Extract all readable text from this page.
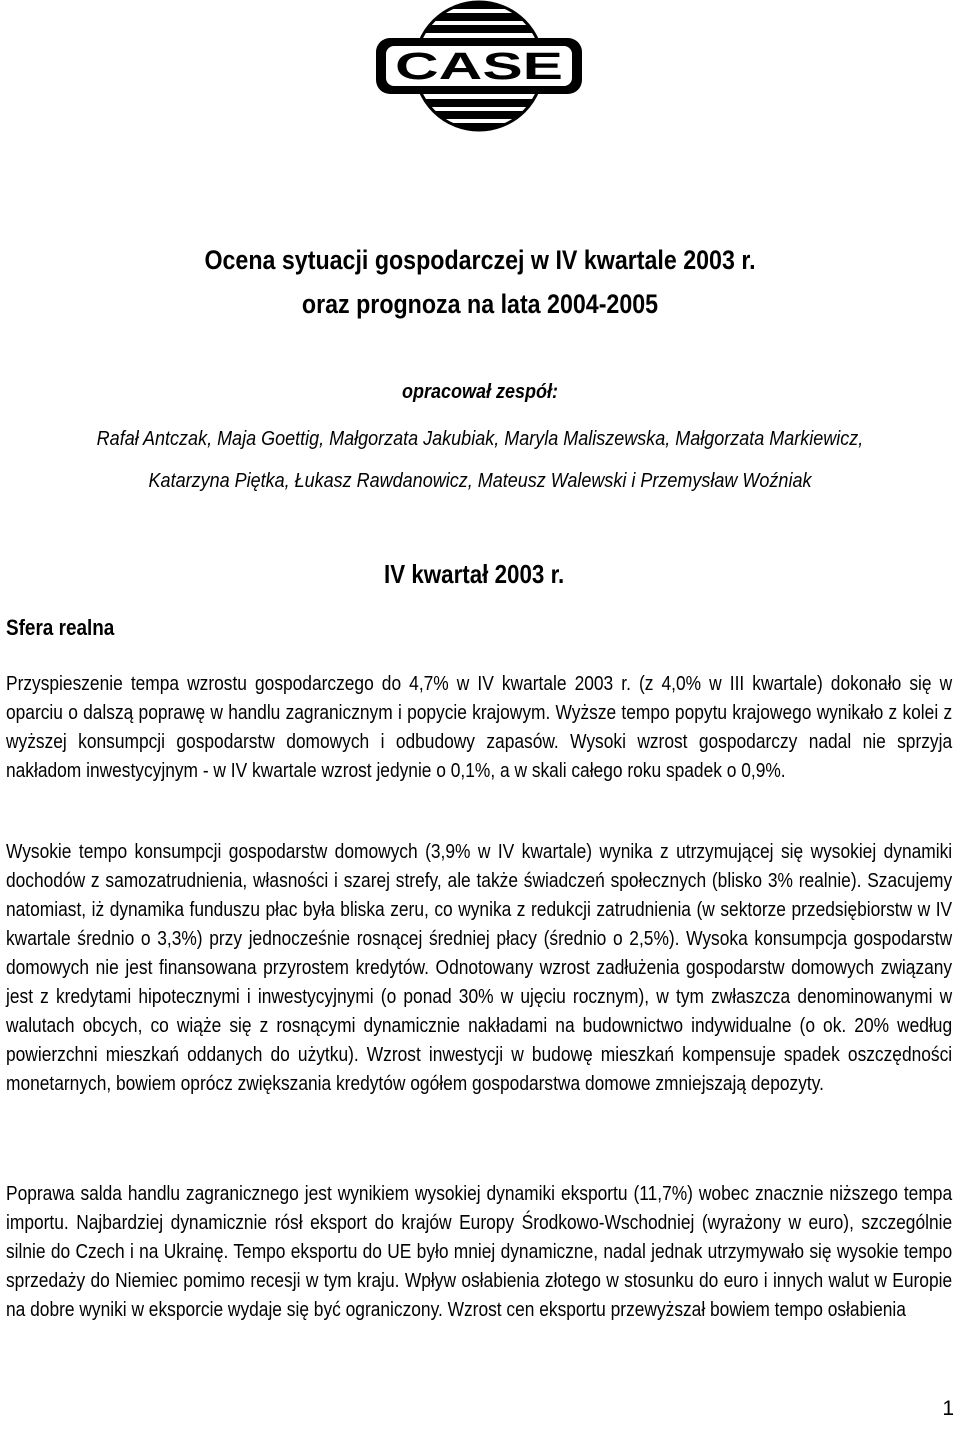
CASE
Ocena sytuacji gospodarczej w IV kwartale 2003 r.
oraz prognoza na lata 2004-2005
opracował zespół:
Rafał Antczak, Maja Goettig, Małgorzata Jakubiak, Maryla Maliszewska, Małgorzata Markiewicz,
Katarzyna Piętka, Łukasz Rawdanowicz, Mateusz Walewski i Przemysław Woźniak
IV kwartał 2003 r.
Sfera realna
Przyspieszenie tempa wzrostu gospodarczego do 4,7% w IV kwartale 2003 r. (z 4,0% w III kwartale) dokonało się w oparciu o dalszą poprawę w handlu zagranicznym i popycie krajowym. Wyższe tempo popytu krajowego wynikało z kolei z wyższej konsumpcji gospodarstw domowych i odbudowy zapasów. Wysoki wzrost gospodarczy nadal nie sprzyja nakładom inwestycyjnym - w IV kwartale wzrost jedynie o 0,1%, a w skali całego roku spadek o 0,9%.
Wysokie tempo konsumpcji gospodarstw domowych (3,9% w IV kwartale) wynika z utrzymującej się wysokiej dynamiki dochodów z samozatrudnienia, własności i szarej strefy, ale także świadczeń społecznych (blisko 3% realnie). Szacujemy natomiast, iż dynamika funduszu płac była bliska zeru, co wynika z redukcji zatrudnienia (w sektorze przedsiębiorstw w IV kwartale średnio o 3,3%) przy jednocześnie rosnącej średniej płacy (średnio o 2,5%). Wysoka konsumpcja gospodarstw domowych nie jest finansowana przyrostem kredytów. Odnotowany wzrost zadłużenia gospodarstw domowych związany jest z kredytami hipotecznymi i inwestycyjnymi (o ponad 30% w ujęciu rocznym), w tym zwłaszcza denominowanymi w walutach obcych, co wiąże się z rosnącymi dynamicznie nakładami na budownictwo indywidualne (o ok. 20% według powierzchni mieszkań oddanych do użytku). Wzrost inwestycji w budowę mieszkań kompensuje spadek oszczędności monetarnych, bowiem oprócz zwiększania kredytów ogółem gospodarstwa domowe zmniejszają depozyty.
Poprawa salda handlu zagranicznego jest wynikiem wysokiej dynamiki eksportu (11,7%) wobec znacznie niższego tempa importu. Najbardziej dynamicznie rósł eksport do krajów Europy Środkowo-Wschodniej (wyrażony w euro), szczególnie silnie do Czech i na Ukrainę. Tempo eksportu do UE było mniej dynamiczne, nadal jednak utrzymywało się wysokie tempo sprzedaży do Niemiec pomimo recesji w tym kraju. Wpływ osłabienia złotego w stosunku do euro i innych walut w Europie na dobre wyniki w eksporcie wydaje się być ograniczony. Wzrost cen eksportu przewyższał bowiem tempo osłabienia
1
